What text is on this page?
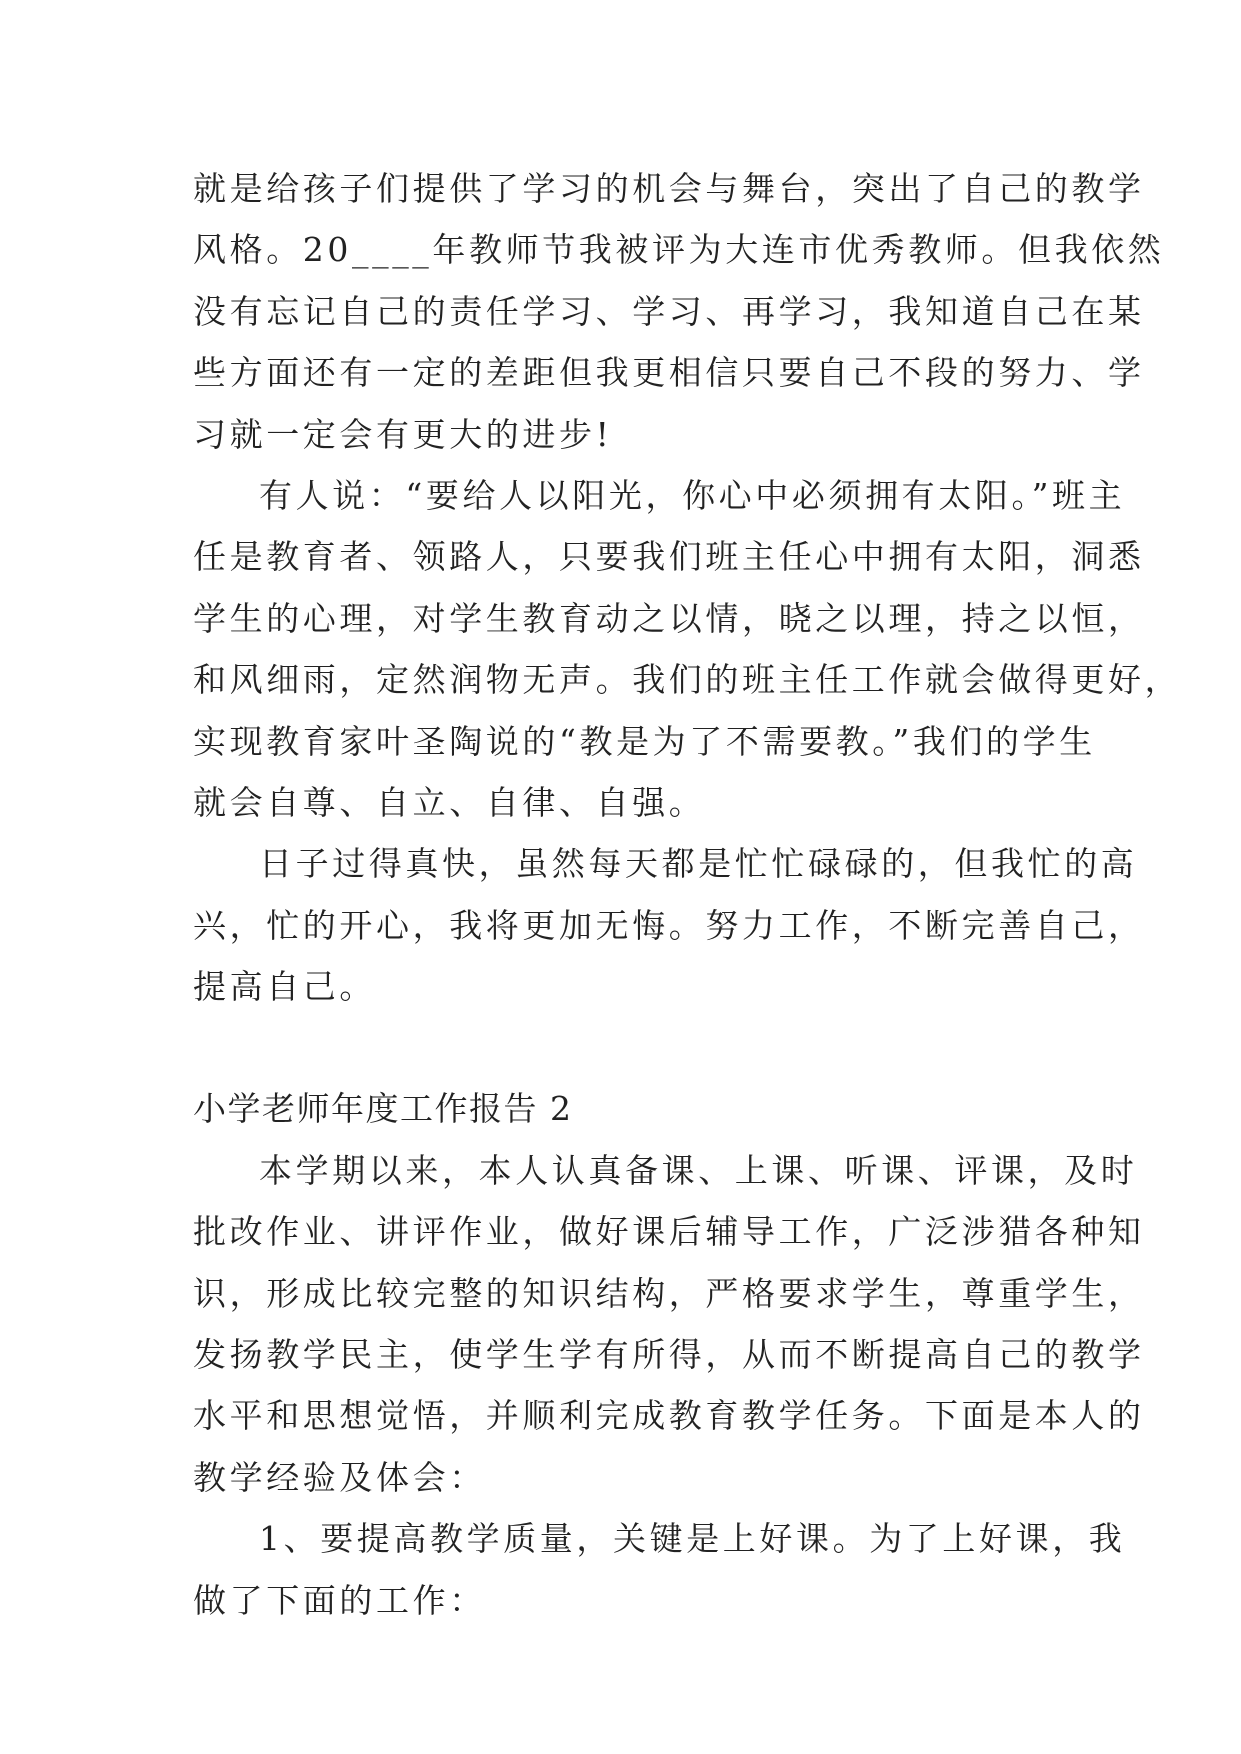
就是给孩子们提供了学习的机会与舞台，突出了自己的教学
风格。20____年教师节我被评为大连市优秀教师。但我依然
没有忘记自己的责任学习、学习、再学习，我知道自己在某
些方面还有一定的差距但我更相信只要自己不段的努力、学
习就一定会有更大的进步!
有人说：“要给人以阳光，你心中必须拥有太阳。”班主
任是教育者、领路人，只要我们班主任心中拥有太阳，洞悉
学生的心理，对学生教育动之以情，晓之以理，持之以恒，
和风细雨，定然润物无声。我们的班主任工作就会做得更好，
实现教育家叶圣陶说的“教是为了不需要教。”我们的学生
就会自尊、自立、自律、自强。
日子过得真快，虽然每天都是忙忙碌碌的，但我忙的高
兴，忙的开心，我将更加无悔。努力工作，不断完善自己，
提高自己。
小学老师年度工作报告 2
本学期以来，本人认真备课、上课、听课、评课，及时
批改作业、讲评作业，做好课后辅导工作，广泛涉猎各种知
识，形成比较完整的知识结构，严格要求学生，尊重学生，
发扬教学民主，使学生学有所得，从而不断提高自己的教学
水平和思想觉悟，并顺利完成教育教学任务。下面是本人的
教学经验及体会：
1、要提高教学质量，关键是上好课。为了上好课，我
做了下面的工作：
